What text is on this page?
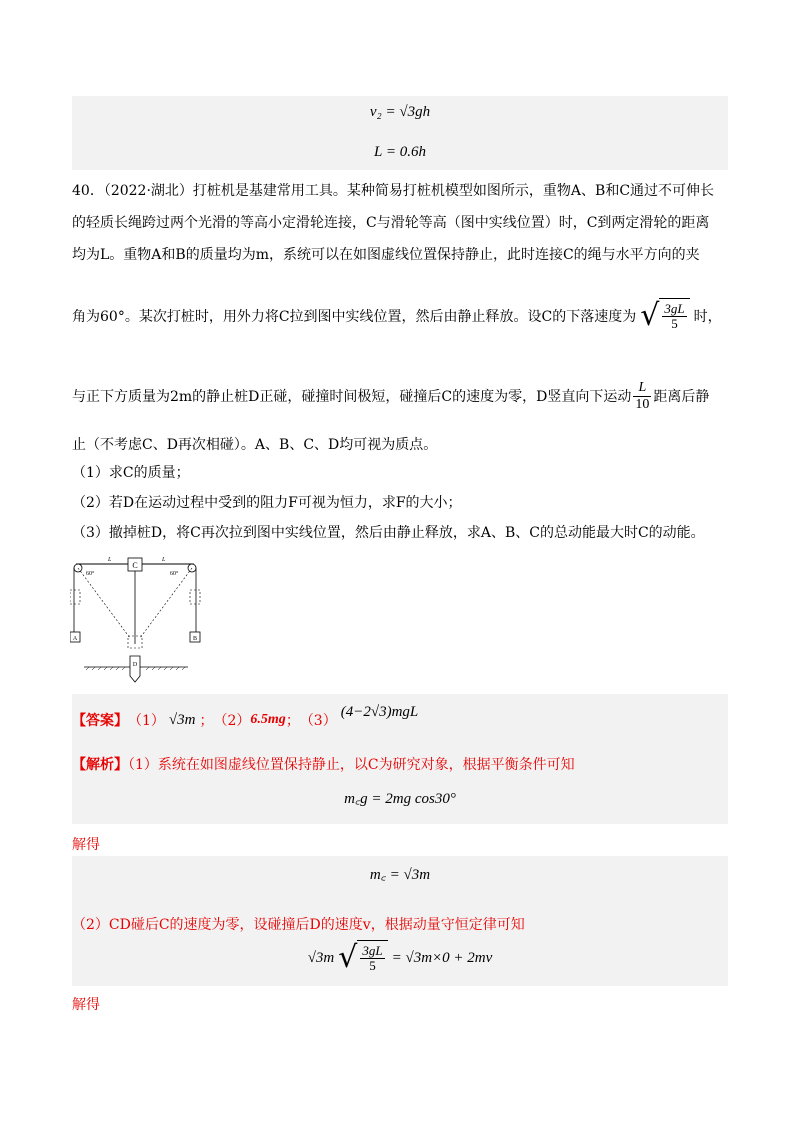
v₂ = √3gh
L = 0.6h
40．（2022·湖北）打桩机是基建常用工具。某种简易打桩机模型如图所示，重物A、B和C通过不可伸长
的轻质长绳跨过两个光滑的等高小定滑轮连接，C与滑轮等高（图中实线位置）时，C到两定滑轮的距离
均为L。重物A和B的质量均为m，系统可以在如图虚线位置保持静止，此时连接C的绳与水平方向的夹
角为60°。某次打桩时，用外力将C拉到图中实线位置，然后由静止释放。设C的下落速度为 √ $\frac{3gL}{5}$ 时，
与正下方质量为2m的静止桩D正碰，碰撞时间极短，碰撞后C的速度为零，D竖直向下运动 $\frac{L}{10}$ 距离后静
止（不考虑C、D再次相碰）。A、B、C、D均可视为质点。
（1）求C的质量；
（2）若D在运动过程中受到的阻力F可视为恒力，求F的大小；
（3）撤掉桩D，将C再次拉到图中实线位置，然后由静止释放，求A、B、C的总动能最大时C的动能。
C
A	B
L	L
60°	60°
D
【答案】 （1） √3m ； （2） 6.5mg ； （3）
(4−2√3)mgL
【解析】（1）系统在如图虚线位置保持静止，以C为研究对象，根据平衡条件可知
m꜀g = 2mg cos30°
解得
m꜀ = √3m
（2）CD碰后C的速度为零，设碰撞后D的速度v，根据动量守恒定律可知
√3m √ $\frac{3gL}{5} = √3m\times 0 + 2mv$
解得
